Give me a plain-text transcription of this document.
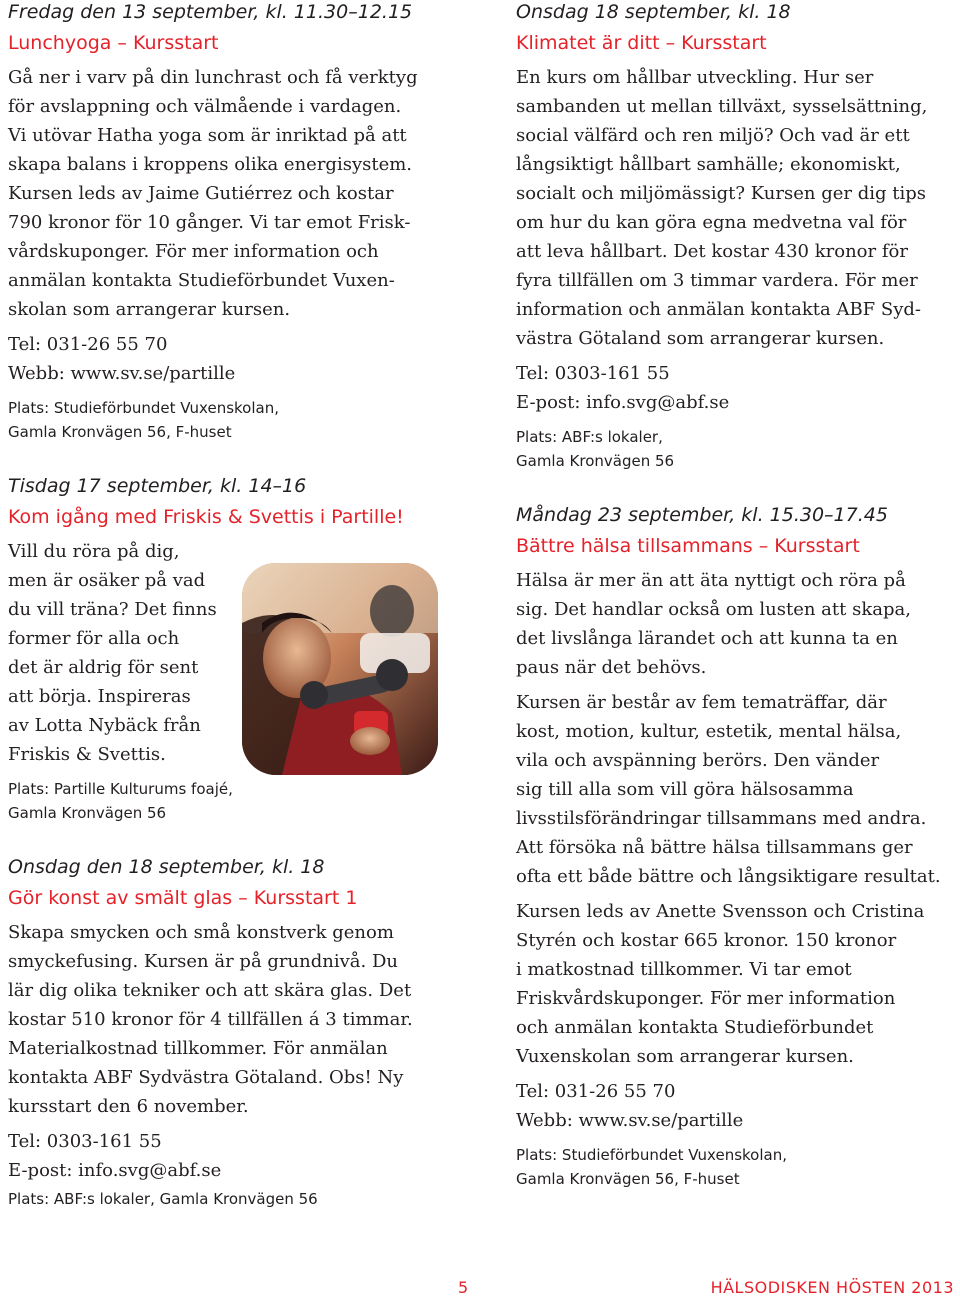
Fredag den 13 september, kl. 11.30–12.15

Lunchyoga – Kursstart

Gå ner i varv på din lunchrast och få verktyg
för avslappning och välmående i vardagen.
Vi utövar Hatha yoga som är inriktad på att
skapa balans i kroppens olika energisystem.
Kursen leds av Jaime Gutiérrez och kostar
790 kronor för 10 gånger. Vi tar emot Frisk-
vårdskuponger. För mer information och
anmälan kontakta Studieförbundet Vuxen-
skolan som arrangerar kursen.

Tel: 031-26 55 70
Webb: www.sv.se/partille

Plats: Studieförbundet Vuxenskolan,
Gamla Kronvägen 56, F-huset

Tisdag 17 september, kl. 14–16

Kom igång med Friskis & Svettis i Partille!

Vill du röra på dig,
men är osäker på vad
du vill träna? Det finns
former för alla och
det är aldrig för sent
att börja. Inspireras
av Lotta Nybäck från
Friskis & Svettis.

Plats: Partille Kulturums foajé,
Gamla Kronvägen 56

Onsdag den 18 september, kl. 18

Gör konst av smält glas – Kursstart 1

Skapa smycken och små konstverk genom
smyckefusing. Kursen är på grundnivå. Du
lär dig olika tekniker och att skära glas. Det
kostar 510 kronor för 4 tillfällen á 3 timmar.
Materialkostnad tillkommer. För anmälan
kontakta ABF Sydvästra Götaland. Obs! Ny
kursstart den 6 november.

Tel: 0303-161 55
E-post: info.svg@abf.se

Plats: ABF:s lokaler, Gamla Kronvägen 56

Onsdag 18 september, kl. 18

Klimatet är ditt – Kursstart

En kurs om hållbar utveckling. Hur ser
sambanden ut mellan tillväxt, sysselsättning,
social välfärd och ren miljö? Och vad är ett
långsiktigt hållbart samhälle; ekonomiskt,
socialt och miljömässigt? Kursen ger dig tips
om hur du kan göra egna medvetna val för
att leva hållbart. Det kostar 430 kronor för
fyra tillfällen om 3 timmar vardera. För mer
information och anmälan kontakta ABF Syd-
västra Götaland som arrangerar kursen.

Tel: 0303-161 55
E-post: info.svg@abf.se

Plats: ABF:s lokaler,
Gamla Kronvägen 56

Måndag 23 september, kl. 15.30–17.45

Bättre hälsa tillsammans – Kursstart

Hälsa är mer än att äta nyttigt och röra på
sig. Det handlar också om lusten att skapa,
det livslånga lärandet och att kunna ta en
paus när det behövs.

Kursen är består av fem tematräffar, där
kost, motion, kultur, estetik, mental hälsa,
vila och avspänning berörs. Den vänder
sig till alla som vill göra hälsosamma
livsstilsförändringar tillsammans med andra.
Att försöka nå bättre hälsa tillsammans ger
ofta ett både bättre och långsiktigare resultat.

Kursen leds av Anette Svensson och Cristina
Styrén och kostar 665 kronor. 150 kronor
i matkostnad tillkommer. Vi tar emot
Friskvårdskuponger. För mer information
och anmälan kontakta Studieförbundet
Vuxenskolan som arrangerar kursen.

Tel: 031-26 55 70
Webb: www.sv.se/partille

Plats: Studieförbundet Vuxenskolan,
Gamla Kronvägen 56, F-huset

5	HÄLSODISKEN HÖSTEN 2013
